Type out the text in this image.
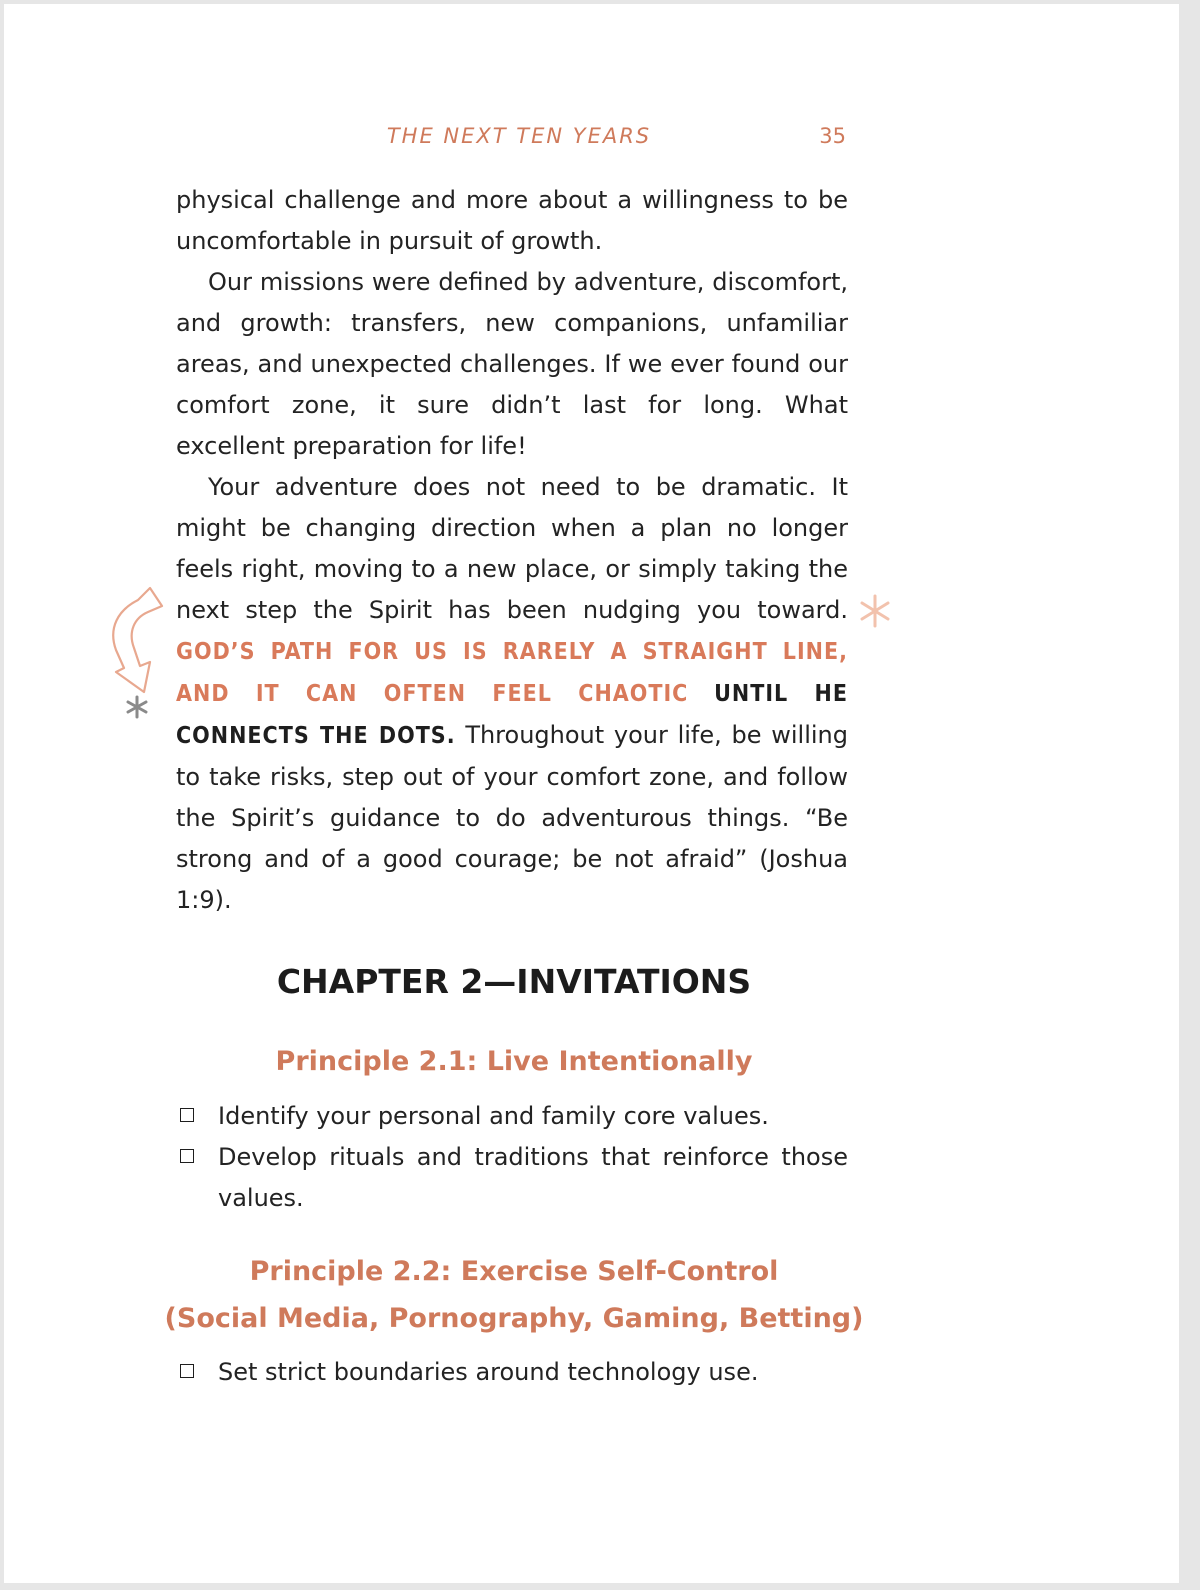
THE NEXT TEN YEARS	35

physical challenge and more about a willingness to be uncomfortable in pursuit of growth.

Our missions were defined by adventure, discomfort, and growth: transfers, new companions, unfamiliar areas, and unexpected challenges. If we ever found our comfort zone, it sure didn’t last for long. What excellent preparation for life!

Your adventure does not need to be dramatic. It might be changing direction when a plan no longer feels right, moving to a new place, or simply taking the next step the Spirit has been nudging you toward. GOD’S PATH FOR US IS RARELY A STRAIGHT LINE, AND IT CAN OFTEN FEEL CHAOTIC UNTIL HE CONNECTS THE DOTS. Throughout your life, be willing to take risks, step out of your comfort zone, and follow the Spirit’s guidance to do adventurous things. “Be strong and of a good courage; be not afraid” (Joshua 1:9).

CHAPTER 2—INVITATIONS
Principle 2.1: Live Intentionally
Identify your personal and family core values.
Develop rituals and traditions that reinforce those values.
Principle 2.2: Exercise Self-Control
(Social Media, Pornography, Gaming, Betting)
Set strict boundaries around technology use.
